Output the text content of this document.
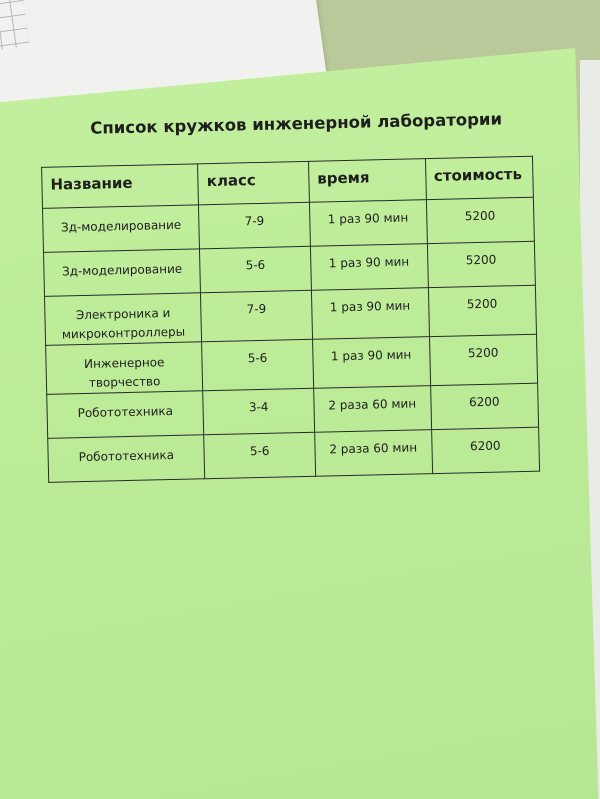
Список кружков инженерной лаборатории
Название	класс	время	стоимость
Зд-моделирование	7-9	1 раз 90 мин	5200
Зд-моделирование	5-6	1 раз 90 мин	5200
Электроника и микроконтроллеры	7-9	1 раз 90 мин	5200
Инженерное творчество	5-6	1 раз 90 мин	5200
Робототехника	3-4	2 раза 60 мин	6200
Робототехника	5-6	2 раза 60 мин	6200
